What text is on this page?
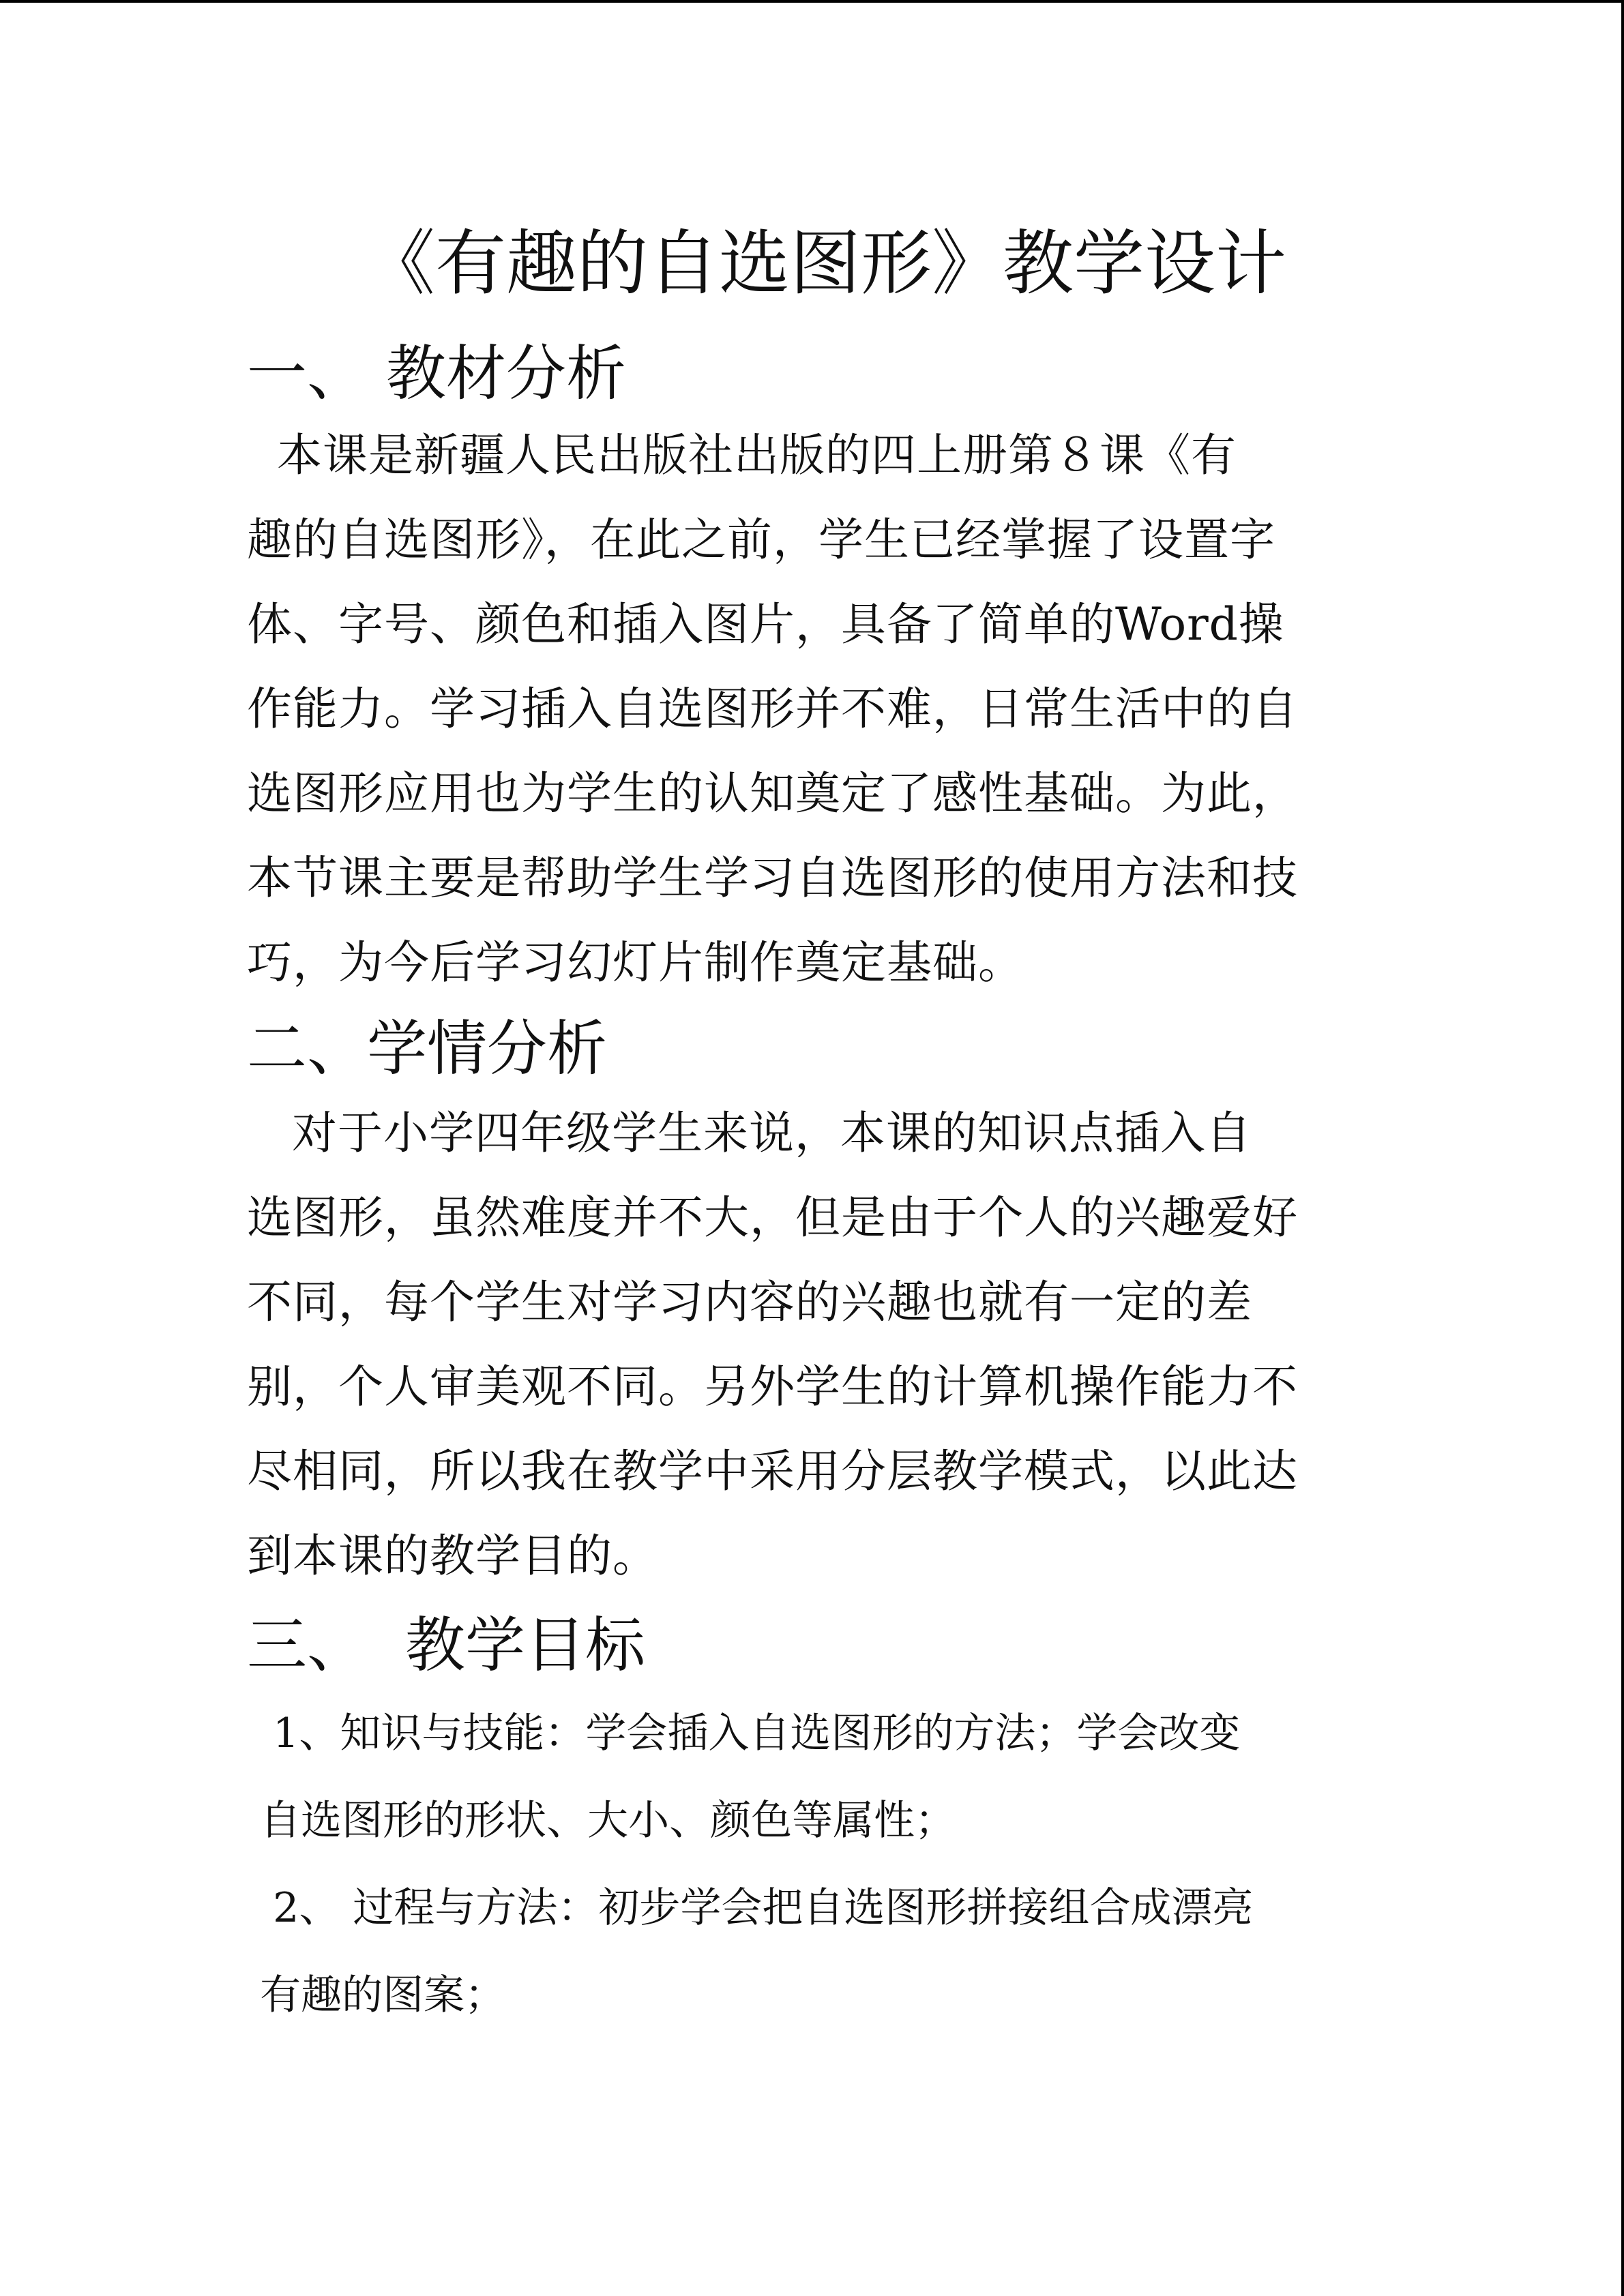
《有趣的自选图形》教学设计
一、 教材分析
本课是新疆人民出版社出版的四上册第８课《有
趣的自选图形》，在此之前，学生已经掌握了设置字
体、字号、颜色和插入图片，具备了简单的Word操
作能力。学习插入自选图形并不难，日常生活中的自
选图形应用也为学生的认知奠定了感性基础。为此，
本节课主要是帮助学生学习自选图形的使用方法和技
巧，为今后学习幻灯片制作奠定基础。
二、学情分析
对于小学四年级学生来说，本课的知识点插入自
选图形，虽然难度并不大，但是由于个人的兴趣爱好
不同，每个学生对学习内容的兴趣也就有一定的差
别，个人审美观不同。另外学生的计算机操作能力不
尽相同，所以我在教学中采用分层教学模式，以此达
到本课的教学目的。
三、  教学目标
1、知识与技能：学会插入自选图形的方法；学会改变
自选图形的形状、大小、颜色等属性；
2、 过程与方法：初步学会把自选图形拼接组合成漂亮
有趣的图案；
